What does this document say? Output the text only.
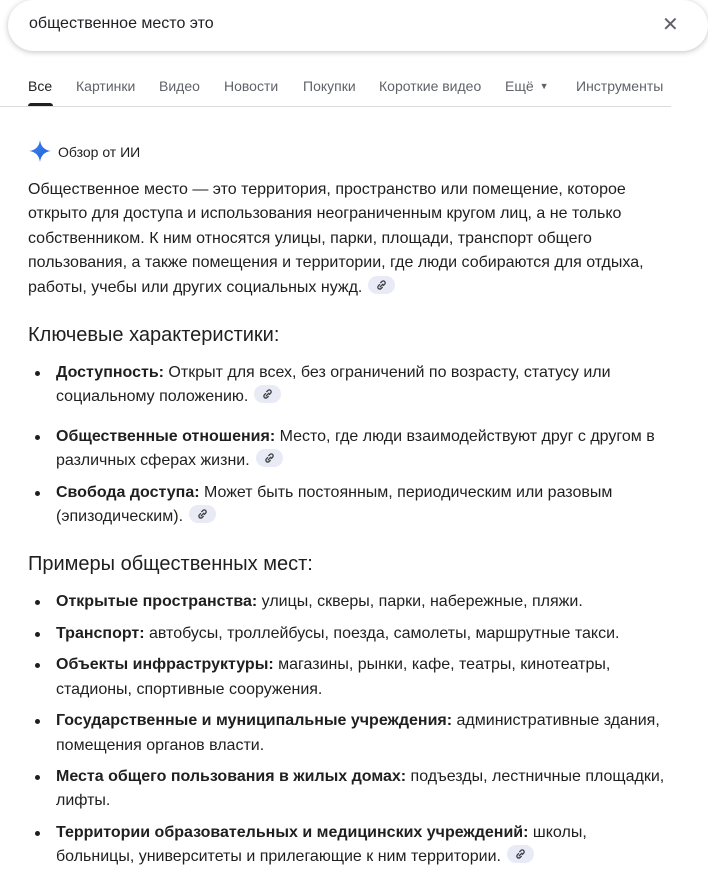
общественное место это	✕
Все Картинки Видео Новости Покупки Короткие видео Ещё ▼ Инструменты
Обзор от ИИ

Общественное место — это территория, пространство или помещение, которое открыто для доступа и использования неограниченным кругом лиц, а не только собственником. К ним относятся улицы, парки, площади, транспорт общего пользования, а также помещения и территории, где люди собираются для отдыха, работы, учебы или других социальных нужд.

Ключевые характеристики:
Доступность: Открыт для всех, без ограничений по возрасту, статусу или социальному положению.
Общественные отношения: Место, где люди взаимодействуют друг с другом в различных сферах жизни.
Свобода доступа: Может быть постоянным, периодическим или разовым (эпизодическим).
Примеры общественных мест:
Открытые пространства: улицы, скверы, парки, набережные, пляжи.
Транспорт: автобусы, троллейбусы, поезда, самолеты, маршрутные такси.
Объекты инфраструктуры: магазины, рынки, кафе, театры, кинотеатры, стадионы, спортивные сооружения.
Государственные и муниципальные учреждения: административные здания, помещения органов власти.
Места общего пользования в жилых домах: подъезды, лестничные площадки, лифты.
Территории образовательных и медицинских учреждений: школы, больницы, университеты и прилегающие к ним территории.
